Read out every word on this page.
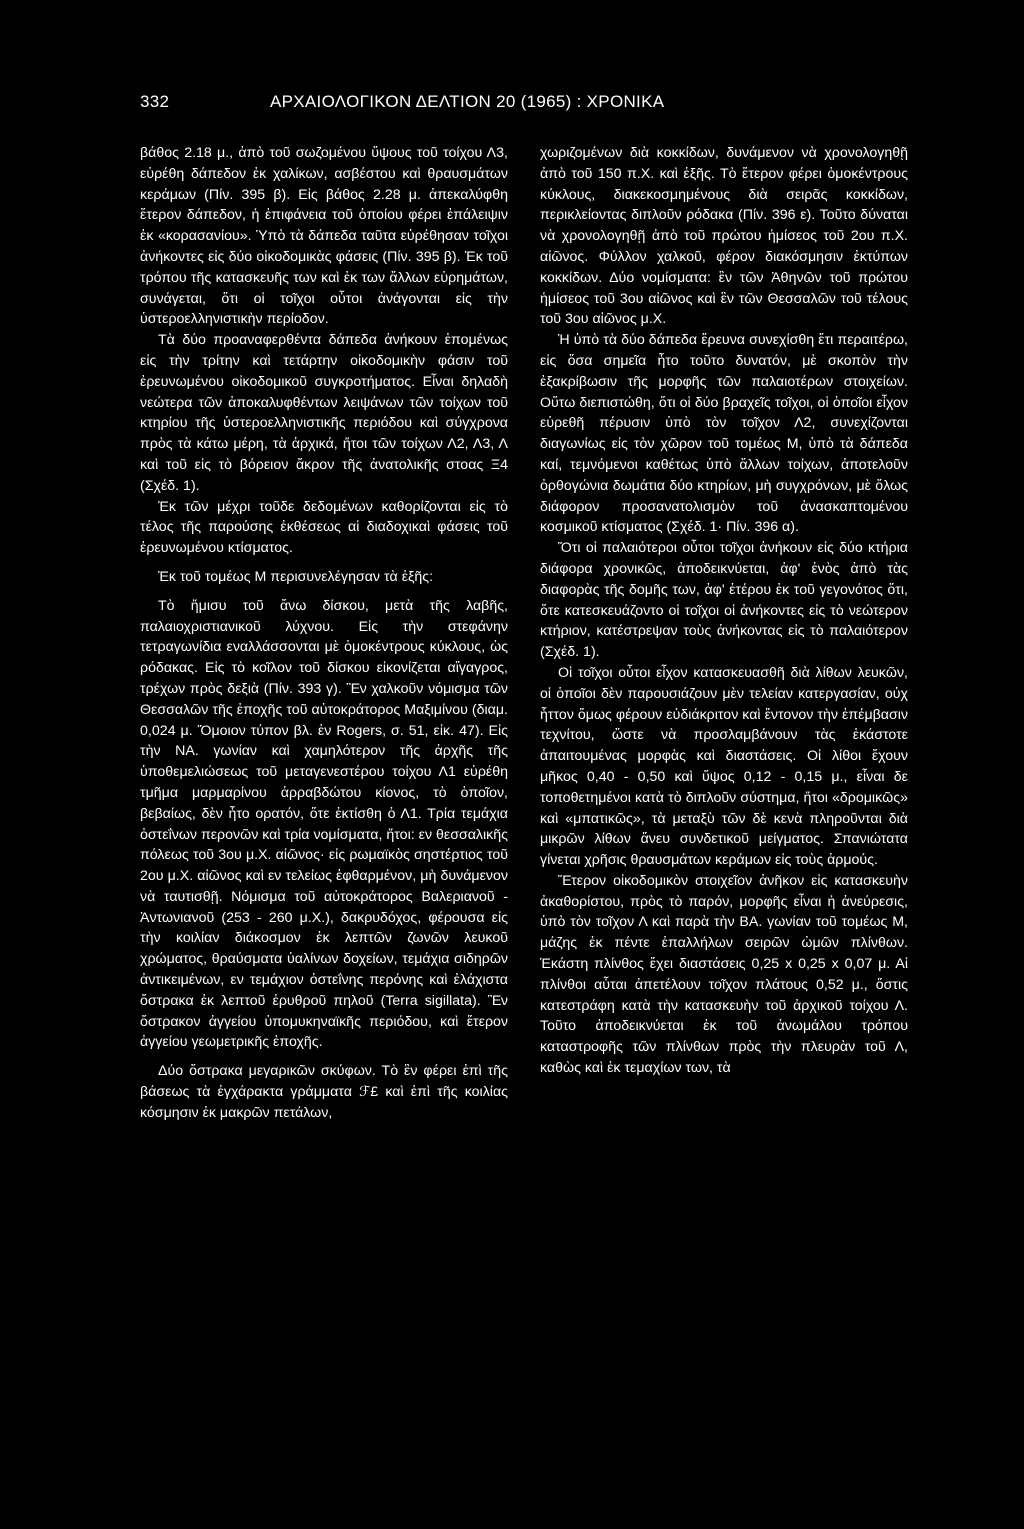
332	ΑΡΧΑΙΟΛΟΓΙΚΟΝ ΔΕΛΤΙΟΝ 20 (1965) : ΧΡΟΝΙΚΑ

βάθος 2.18 μ., ἀπὸ τοῦ σωζομένου ὕψους τοῦ τοίχου Λ3, εὑρέθη δάπεδον ἐκ χαλίκων, ασβέστου καὶ θραυσμάτων κεράμων (Πίν. 395 β). Εἰς βάθος 2.28 μ. ἀπεκαλύφθη ἕτερον δάπεδον, ἡ ἐπιφάνεια τοῦ ὁποίου φέρει ἐπάλειψιν ἐκ «κορασανίου». Ὑπὸ τὰ δάπεδα ταῦτα εὑρέθησαν τοῖχοι ἀνήκοντες εἰς δύο οἰκοδομικὰς φάσεις (Πίν. 395 β). Ἐκ τοῦ τρόπου τῆς κατασκευῆς των καὶ ἐκ των ἄλλων εὑρημάτων, συνάγεται, ὅτι οἱ τοῖχοι οὗτοι ἀνάγονται εἰς τὴν ὑστεροελληνιστικὴν περίοδον.

Τὰ δύο προαναφερθέντα δάπεδα ἀνήκουν ἑπομένως εἰς τὴν τρίτην καὶ τετάρτην οἰκοδομικὴν φάσιν τοῦ ἐρευνωμένου οἰκοδομικοῦ συγκροτήματος. Εἶναι δηλαδὴ νεώτερα τῶν ἀποκαλυφθέντων λειψάνων τῶν τοίχων τοῦ κτηρίου τῆς ὑστεροελληνιστικῆς περιόδου καὶ σύγχρονα πρὸς τὰ κάτω μέρη, τὰ ἀρχικά, ἤτοι τῶν τοίχων Λ2, Λ3, Λ καὶ τοῦ εἰς τὸ βόρειον ἄκρον τῆς ἀνατολικῆς στοας Ξ4 (Σχέδ. 1).

Ἐκ τῶν μέχρι τοῦδε δεδομένων καθορίζονται εἰς τὸ τέλος τῆς παρούσης ἐκθέσεως αἱ διαδοχικαὶ φάσεις τοῦ ἐρευνωμένου κτίσματος.

Ἐκ τοῦ τομέως Μ περισυνελέγησαν τὰ ἑξῆς:

Τὸ ἥμισυ τοῦ ἄνω δίσκου, μετὰ τῆς λαβῆς, παλαιοχριστιανικοῦ λύχνου. Εἰς τὴν στεφάνην τετραγωνίδια εναλλάσσονται μὲ ὁμοκέντρους κύκλους, ὡς ρόδακας. Εἰς τὸ κοῖλον τοῦ δίσκου εἰκονίζεται αἴγαγρος, τρέχων πρὸς δεξιὰ (Πίν. 393 γ). Ἓν χαλκοῦν νόμισμα τῶν Θεσσαλῶν τῆς ἐποχῆς τοῦ αὐτοκράτορος Μαξιμίνου (διαμ. 0,024 μ. Ὅμοιον τύπον βλ. ἐν Rogers, σ. 51, εἰκ. 47). Εἰς τὴν ΝΑ. γωνίαν καὶ χαμηλότερον τῆς ἀρχῆς τῆς ὑποθεμελιώσεως τοῦ μεταγενεστέρου τοίχου Λ1 εὑρέθη τμῆμα μαρμαρίνου ἀρραβδώτου κίονος, τὸ ὁποῖον, βεβαίως, δὲν ἦτο ορατόν, ὅτε ἐκτίσθη ὁ Λ1. Τρία τεμάχια ὀστεΐνων περονῶν καὶ τρία νομίσματα, ἤτοι: εν θεσσαλικῆς πόλεως τοῦ 3ου μ.Χ. αἰῶνος· εἰς ρωμαϊκὸς σηστέρτιος τοῦ 2ου μ.Χ. αἰῶνος καὶ εν τελείως ἐφθαρμένον, μὴ δυνάμενον νὰ ταυτισθῇ. Νόμισμα τοῦ αὐτοκράτορος Βαλεριανοῦ - Ἀντωνιανοῦ (253 - 260 μ.Χ.), δακρυδόχος, φέρουσα εἰς τὴν κοιλίαν διάκοσμον ἐκ λεπτῶν ζωνῶν λευκοῦ χρώματος, θραύσματα ὑαλίνων δοχείων, τεμάχια σιδηρῶν ἀντικειμένων, εν τεμάχιον ὀστεΐνης περόνης καὶ ἐλάχιστα ὄστρακα ἐκ λεπτοῦ ἐρυθροῦ πηλοῦ (Terra sigillata). Ἓν ὄστρακον ἀγγείου ὑπομυκηναϊκῆς περιόδου, καὶ ἕτερον ἀγγείου γεωμετρικῆς ἐποχῆς.

Δύο ὄστρακα μεγαρικῶν σκύφων. Τὸ ἓν φέρει ἐπὶ τῆς βάσεως τὰ ἐγχάρακτα γράμματα ℱ£ καὶ ἐπὶ τῆς κοιλίας κόσμησιν ἐκ μακρῶν πετάλων,

χωριζομένων διὰ κοκκίδων, δυνάμενον νὰ χρονολογηθῇ ἀπὸ τοῦ 150 π.Χ. καὶ ἑξῆς. Τὸ ἕτερον φέρει ὁμοκέντρους κύκλους, διακεκοσμημένους διὰ σειρᾶς κοκκίδων, περικλείοντας διπλοῦν ρόδακα (Πίν. 396 ε). Τοῦτο δύναται νὰ χρονολογηθῇ ἀπὸ τοῦ πρώτου ἡμίσεος τοῦ 2ου π.Χ. αἰῶνος. Φύλλον χαλκοῦ, φέρον διακόσμησιν ἐκτύπων κοκκίδων. Δύο νομίσματα: ἓν τῶν Ἀθηνῶν τοῦ πρώτου ἡμίσεος τοῦ 3ου αἰῶνος καὶ ἓν τῶν Θεσσαλῶν τοῦ τέλους τοῦ 3ου αἰῶνος μ.Χ.

Ἡ ὑπὸ τὰ δύο δάπεδα ἔρευνα συνεχίσθη ἔτι περαιτέρω, εἰς ὅσα σημεῖα ἦτο τοῦτο δυνατόν, μὲ σκοπὸν τὴν ἐξακρίβωσιν τῆς μορφῆς τῶν παλαιοτέρων στοιχείων. Οὕτω διεπιστώθη, ὅτι οἱ δύο βραχεῖς τοῖχοι, οἱ ὁποῖοι εἶχον εὑρεθῆ πέρυσιν ὑπὸ τὸν τοῖχον Λ2, συνεχίζονται διαγωνίως εἰς τὸν χῶρον τοῦ τομέως Μ, ὑπὸ τὰ δάπεδα καί, τεμνόμενοι καθέτως ὑπὸ ἄλλων τοίχων, ἀποτελοῦν ὀρθογώνια δωμάτια δύο κτηρίων, μὴ συγχρόνων, μὲ ὅλως διάφορον προσανατολισμὸν τοῦ ἀνασκαπτομένου κοσμικοῦ κτίσματος (Σχέδ. 1· Πίν. 396 α).

Ὅτι οἱ παλαιότεροι οὗτοι τοῖχοι ἀνήκουν εἰς δύο κτήρια διάφορα χρονικῶς, ἀποδεικνύεται, ἀφ' ἑνὸς ἀπὸ τὰς διαφορὰς τῆς δομῆς των, ἀφ' ἑτέρου ἐκ τοῦ γεγονότος ὅτι, ὅτε κατεσκευάζοντο οἱ τοῖχοι οἱ ἀνήκοντες εἰς τὸ νεώτερον κτήριον, κατέστρεψαν τοὺς ἀνήκοντας εἰς τὸ παλαιότερον (Σχέδ. 1).

Οἱ τοῖχοι οὗτοι εἶχον κατασκευασθῆ διὰ λίθων λευκῶν, οἱ ὁποῖοι δὲν παρουσιάζουν μὲν τελείαν κατεργασίαν, οὐχ ἧττον ὅμως φέρουν εὐδιάκριτον καὶ ἔντονον τὴν ἐπέμβασιν τεχνίτου, ὥστε νὰ προσλαμβάνουν τὰς ἑκάστοτε ἀπαιτουμένας μορφὰς καὶ διαστάσεις. Οἱ λίθοι ἔχουν μῆκος 0,40 - 0,50 καὶ ὕψος 0,12 - 0,15 μ., εἶναι δε τοποθετημένοι κατὰ τὸ διπλοῦν σύστημα, ἤτοι «δρομικῶς» καὶ «μπατικῶς», τὰ μεταξὺ τῶν δὲ κενὰ πληροῦνται διὰ μικρῶν λίθων ἄνευ συνδετικοῦ μείγματος. Σπανιώτατα γίνεται χρῆσις θραυσμάτων κεράμων εἰς τοὺς ἁρμούς.

Ἕτερον οἰκοδομικὸν στοιχεῖον ἀνῆκον εἰς κατασκευὴν ἀκαθορίστου, πρὸς τὸ παρόν, μορφῆς εἶναι ἡ ἀνεύρεσις, ὑπὸ τὸν τοῖχον Λ καὶ παρὰ τὴν ΒΑ. γωνίαν τοῦ τομέως Μ, μάζης ἐκ πέντε ἐπαλλήλων σειρῶν ὠμῶν πλίνθων. Ἑκάστη πλίνθος ἔχει διαστάσεις 0,25 x 0,25 x 0,07 μ. Αἱ πλίνθοι αὗται ἀπετέλουν τοῖχον πλάτους 0,52 μ., ὅστις κατεστράφη κατὰ τὴν κατασκευὴν τοῦ ἀρχικοῦ τοίχου Λ. Τοῦτο ἀποδεικνύεται ἐκ τοῦ ἀνωμάλου τρόπου καταστροφῆς τῶν πλίνθων πρὸς τὴν πλευρὰν τοῦ Λ, καθὼς καὶ ἐκ τεμαχίων των, τὰ
